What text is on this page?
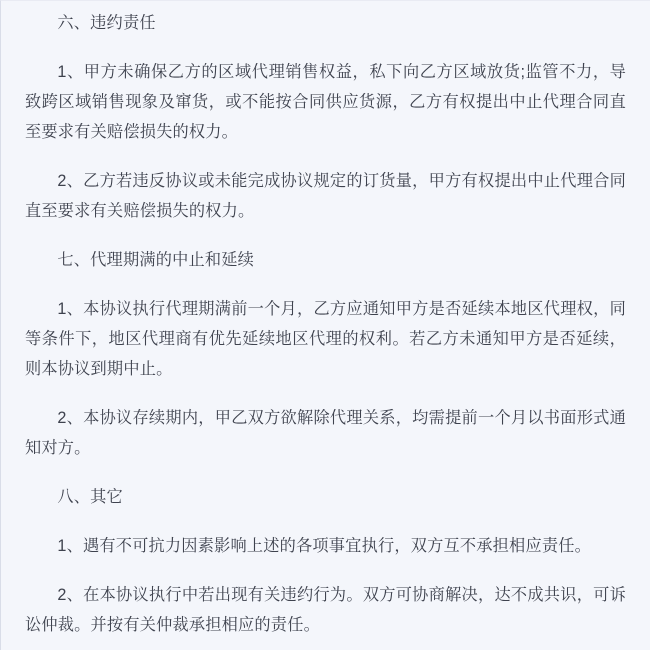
六、违约责任

1、甲方未确保乙方的区域代理销售权益，私下向乙方区域放货;监管不力，导致跨区域销售现象及窜货，或不能按合同供应货源，乙方有权提出中止代理合同直至要求有关赔偿损失的权力。

2、乙方若违反协议或未能完成协议规定的订货量，甲方有权提出中止代理合同直至要求有关赔偿损失的权力。

七、代理期满的中止和延续

1、本协议执行代理期满前一个月，乙方应通知甲方是否延续本地区代理权，同等条件下，地区代理商有优先延续地区代理的权利。若乙方未通知甲方是否延续，则本协议到期中止。

2、本协议存续期内，甲乙双方欲解除代理关系，均需提前一个月以书面形式通知对方。

八、其它

1、遇有不可抗力因素影响上述的各项事宜执行，双方互不承担相应责任。

2、在本协议执行中若出现有关违约行为。双方可协商解决，达不成共识，可诉讼仲裁。并按有关仲裁承担相应的责任。
